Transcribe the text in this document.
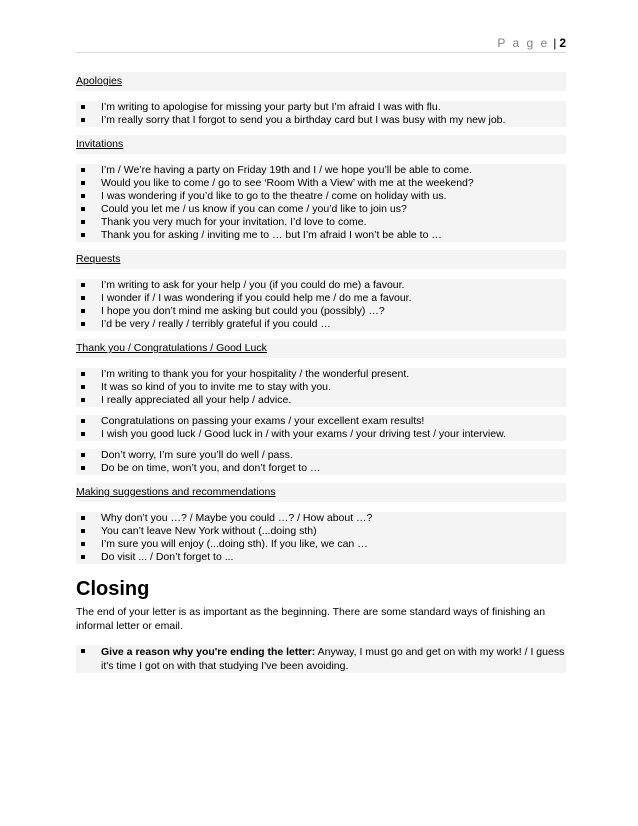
P a g e | 2
Apologies
I’m writing to apologise for missing your party but I’m afraid I was with flu.
I’m really sorry that I forgot to send you a birthday card but I was busy with my new job.
Invitations
I’m / We’re having a party on Friday 19th and I / we hope you’ll be able to come.
Would you like to come / go to see ‘Room With a View’ with me at the weekend?
I was wondering if you’d like to go to the theatre / come on holiday with us.
Could you let me / us know if you can come / you’d like to join us?
Thank you very much for your invitation. I’d love to come.
Thank you for asking / inviting me to … but I’m afraid I won’t be able to …
Requests
I’m writing to ask for your help / you (if you could do me) a favour.
I wonder if / I was wondering if you could help me / do me a favour.
I hope you don’t mind me asking but could you (possibly) …?
I’d be very / really / terribly grateful if you could …
Thank you / Congratulations / Good Luck
I’m writing to thank you for your hospitality / the wonderful present.
It was so kind of you to invite me to stay with you.
I really appreciated all your help / advice.
Congratulations on passing your exams / your excellent exam results!
I wish you good luck / Good luck in / with your exams / your driving test / your interview.
Don’t worry, I’m sure you’ll do well / pass.
Do be on time, won’t you, and don’t forget to …
Making suggestions and recommendations
Why don’t you …? / Maybe you could …? / How about …?
You can’t leave New York without (...doing sth)
I’m sure you will enjoy (...doing sth). If you like, we can …
Do visit ... / Don’t forget to ...
Closing

The end of your letter is as important as the beginning. There are some standard ways of finishing an informal letter or email.

Give a reason why you're ending the letter: Anyway, I must go and get on with my work! / I guess it's time I got on with that studying I've been avoiding.
